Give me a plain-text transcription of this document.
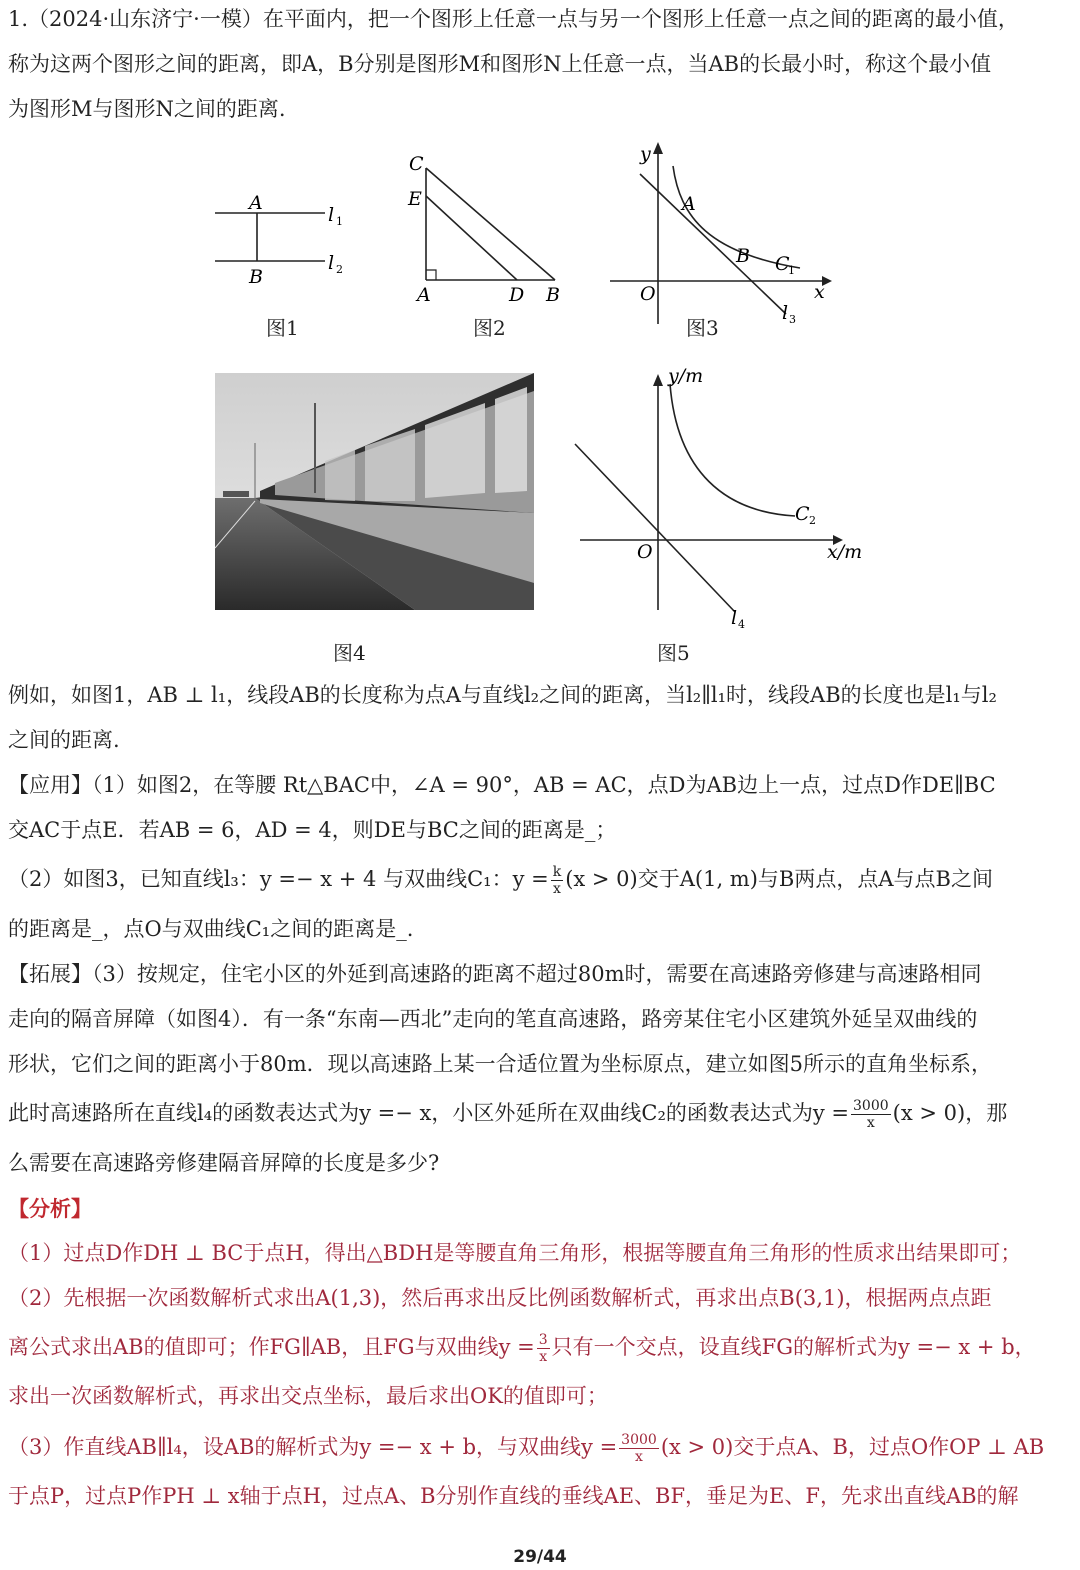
1.（2024·山东济宁·一模）在平面内，把一个图形上任意一点与另一个图形上任意一点之间的距离的最小值，
称为这两个图形之间的距离，即A，B分别是图形M和图形N上任意一点，当AB的长最小时，称这个最小值
为图形M与图形N之间的距离.
A
B
l 1
l 2
图1
C
E
A	D B
图2
y
A
B C
1
O	x
l 3
图3
图4
y/m
C 2
O	x/m
l 4
图5
例如，如图1，AB ⊥ l₁，线段AB的长度称为点A与直线l₂之间的距离，当l₂∥l₁时，线段AB的长度也是l₁与l₂
之间的距离.
【应用】（1）如图2，在等腰 Rt△BAC中，∠A = 90°，AB = AC，点D为AB边上一点，过点D作DE∥BC
交AC于点E．若AB = 6，AD = 4，则DE与BC之间的距离是_；
（2）如图3，已知直线l₃：y =− x + 4 与双曲线C₁：$y = \frac{k}{x} (x > 0)$交于A(1, m)与B两点，点A与点B之间
的距离是_，点O与双曲线C₁之间的距离是_.
【拓展】（3）按规定，住宅小区的外延到高速路的距离不超过80m时，需要在高速路旁修建与高速路相同
走向的隔音屏障（如图4）．有一条“东南—西北”走向的笔直高速路，路旁某住宅小区建筑外延呈双曲线的
形状，它们之间的距离小于80m．现以高速路上某一合适位置为坐标原点，建立如图5所示的直角坐标系，
此时高速路所在直线l₄的函数表达式为y =− x，小区外延所在双曲线C₂的函数表达式为$y = \frac{3000}{x} (x > 0)$，那
么需要在高速路旁修建隔音屏障的长度是多少?
【分析】
（1）过点D作DH ⊥ BC于点H，得出△BDH是等腰直角三角形，根据等腰直角三角形的性质求出结果即可；
（2）先根据一次函数解析式求出A(1,3)，然后再求出反比例函数解析式，再求出点B(3,1)，根据两点点距
离公式求出AB的值即可；作FG∥AB，且FG与双曲线$y = \frac{3}{x}$ 只有一个交点，设直线FG的解析式为y =− x + b，
求出一次函数解析式，再求出交点坐标，最后求出OK的值即可；
（3）作直线AB∥l₄，设AB的解析式为y =− x + b，与双曲线$y = \frac{3000}{x} (x > 0)$交于点A、B，过点O作OP ⊥ AB
于点P，过点P作PH ⊥ x轴于点H，过点A、B分别作直线的垂线AE、BF，垂足为E、F，先求出直线AB的解
29/44
